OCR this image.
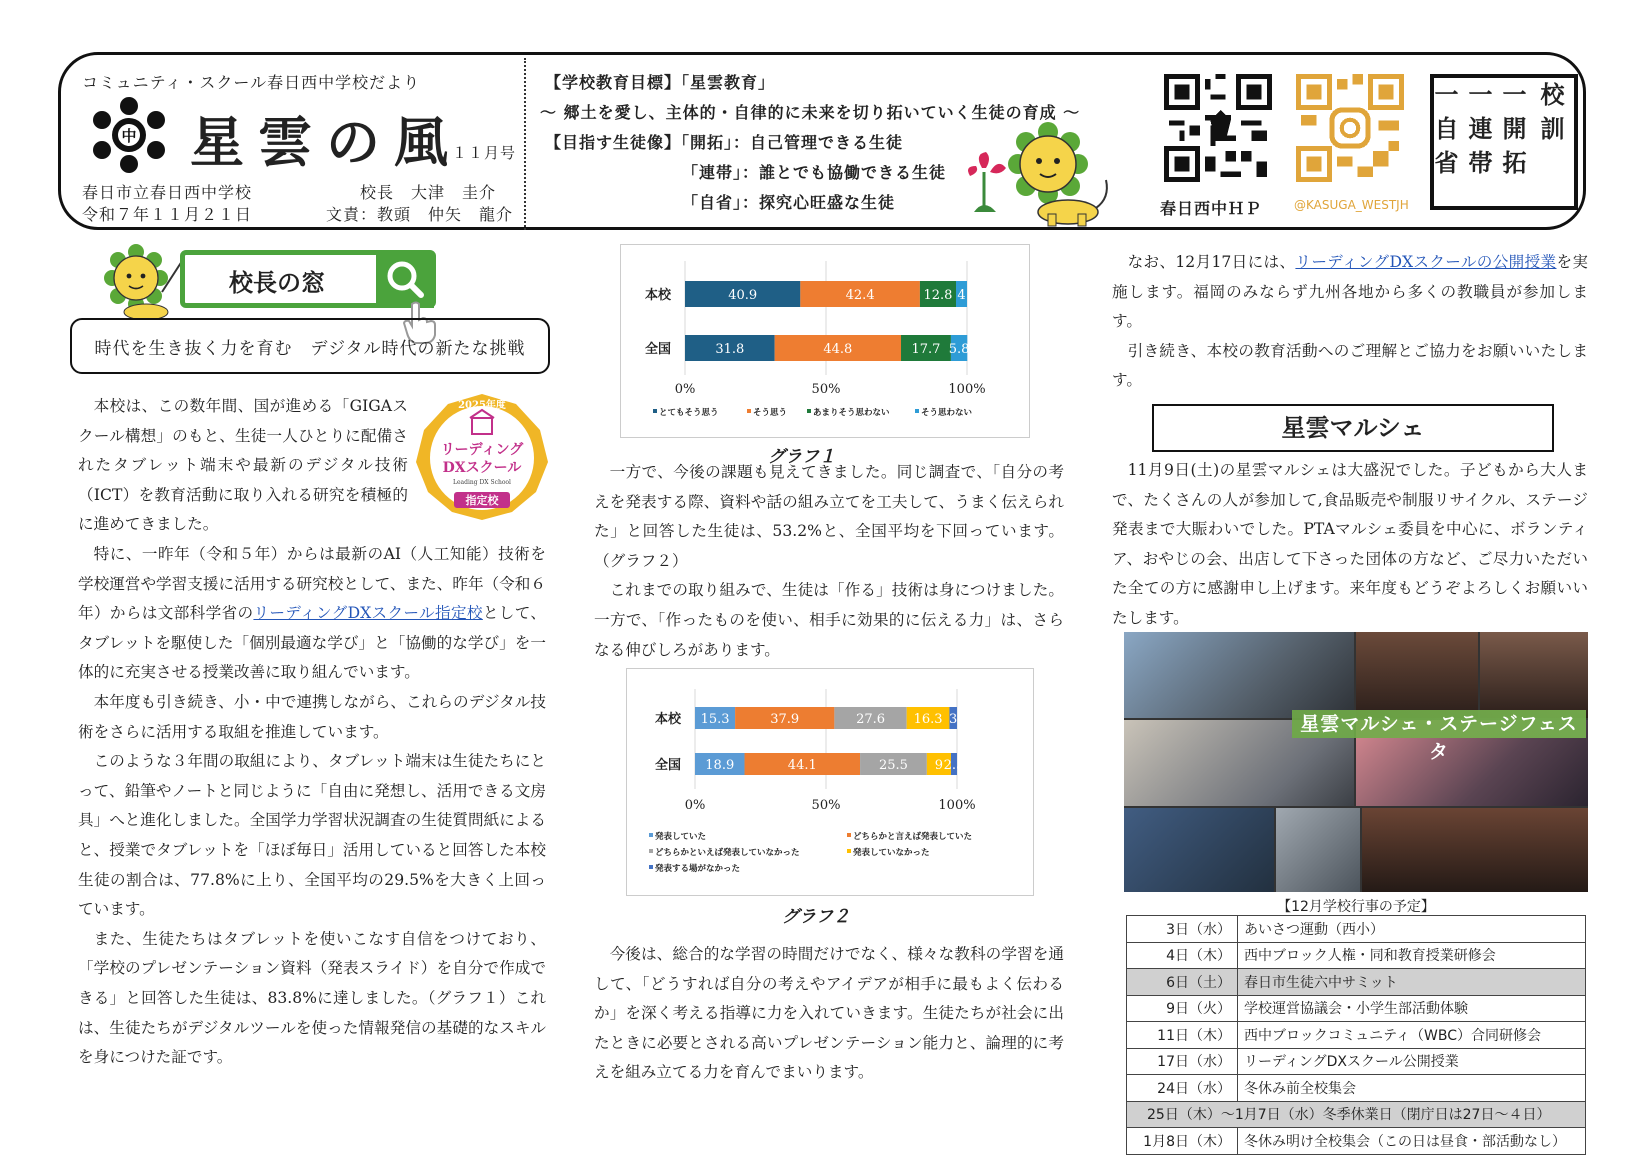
コミュニティ・スクール春日西中学校だより
中 星雲の風
１１月号
春日市立春日西中学校
令和７年１１月２１日
校長　大津　圭介
文責：教頭　仲矢　龍介
【学校教育目標】「星雲教育」
～ 郷土を愛し、主体的・自律的に未来を切り拓いていく生徒の育成 ～
【目指す生徒像】「開拓」：自己管理できる生徒
「連帯」：誰とでも協働できる生徒
「自省」：探究心旺盛な生徒	春日西中ＨＰ	@KASUGA_WESTJH
校訓
一開拓
一連帯
一自省
校長の窓
時代を生き抜く力を育む　デジタル時代の新たな挑戦
2025年度
リーディング
DXスクール
Leading DX School
指定校

本校は、この数年間、国が進める「GIGAスクール構想」のもと、生徒一人ひとりに配備されたタブレット端末や最新のデジタル技術（ICT）を教育活動に取り入れる研究を積極的に進めてきました。

特に、一昨年（令和５年）からは最新のAI（人工知能）技術を学校運営や学習支援に活用する研究校として、また、昨年（令和６年）からは文部科学省のリーディングDXスクール指定校として、タブレットを駆使した「個別最適な学び」と「協働的な学び」を一体的に充実させる授業改善に取り組んでいます。

本年度も引き続き、小・中で連携しながら、これらのデジタル技術をさらに活用する取組を推進しています。

このような３年間の取組により、タブレット端末は生徒たちにとって、鉛筆やノートと同じように「自由に発想し、活用できる文房具」へと進化しました。全国学力学習状況調査の生徒質問紙によると、授業でタブレットを「ほぼ毎日」活用していると回答した本校生徒の割合は、77.8%に上り、全国平均の29.5%を大きく上回っています。

また、生徒たちはタブレットを使いこなす自信をつけており、「学校のプレゼンテーション資料（発表スライド）を自分で作成できる」と回答した生徒は、83.8%に達しました。（グラフ１）これは、生徒たちがデジタルツールを使った情報発信の基礎的なスキルを身につけた証です。

0%	50%	100%
本校	40.9	42.4	12.8 4
全国	31.8	44.8	17.7 5.8
とてもそう思う	そう思う	あまりそう思わない	そう思わない
グラフ１

一方で、今後の課題も見えてきました。同じ調査で、「自分の考えを発表する際、資料や話の組み立てを工夫して、うまく伝えられた」と回答した生徒は、53.2%と、全国平均を下回っています。（グラフ２）

これまでの取り組みで、生徒は「作る」技術は身につけました。一方で、「作ったものを使い、相手に効果的に伝える力」は、さらなる伸びしろがあります。

0%	50%	100%
本校 15.3	37.9	27.6 16.3 3
全国 18.9	44.1	25.5 9 2.5
発表していた	どちらかと言えば発表していた
どちらかといえば発表していなかった	発表していなかった
発表する場がなかった
グラフ２

今後は、総合的な学習の時間だけでなく、様々な教科の学習を通して、「どうすれば自分の考えやアイデアが相手に最もよく伝わるか」を深く考える指導に力を入れていきます。生徒たちが社会に出たときに必要とされる高いプレゼンテーション能力と、論理的に考えを組み立てる力を育んでまいります。

なお、12月17日には、リーディングDXスクールの公開授業を実施します。福岡のみならず九州各地から多くの教職員が参加します。

引き続き、本校の教育活動へのご理解とご協力をお願いいたします。

星雲マルシェ

11月9日(土)の星雲マルシェは大盛況でした。子どもから大人まで、たくさんの人が参加して,食品販売や制服リサイクル、ステージ発表まで大賑わいでした。PTAマルシェ委員を中心に、ボランティア、おやじの会、出店して下さった団体の方など、ご尽力いただいた全ての方に感謝申し上げます。来年度もどうぞよろしくお願いいたします。

星雲マルシェ・ステージフェスタ
【12月学校行事の予定】
3日（水）	あいさつ運動（西小）
4日（木）	西中ブロック人権・同和教育授業研修会
6日（土）	春日市生徒六中サミット
9日（火）	学校運営協議会・小学生部活動体験
11日（木）	西中ブロックコミュニティ（WBC）合同研修会
17日（水）	リーディングDXスクール公開授業
24日（水）	冬休み前全校集会
25日（木）～1月7日（水）冬季休業日（閉庁日は27日～４日）	
1月8日（木）	冬休み明け全校集会（この日は昼食・部活動なし）
